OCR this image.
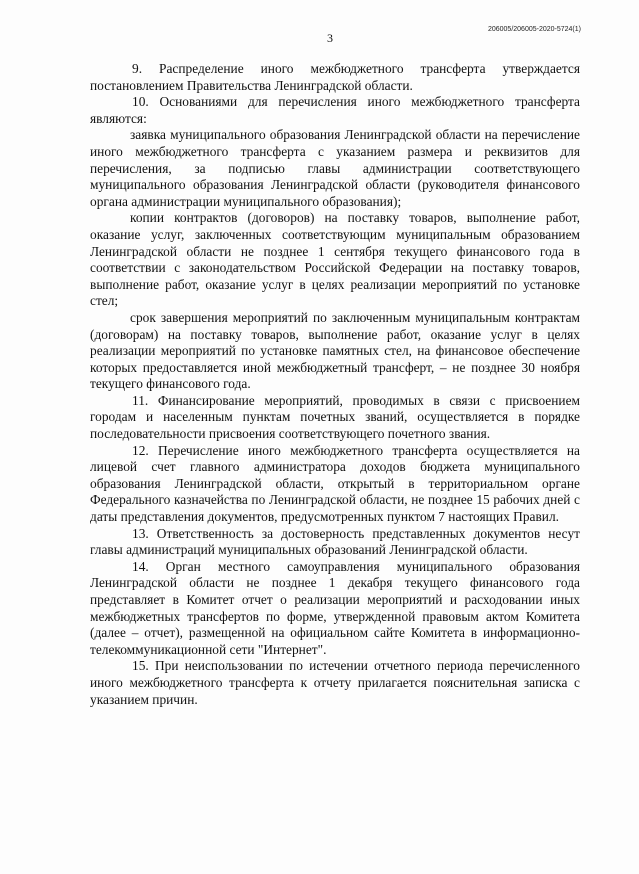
3
206005/206005-2020-5724(1)

9. Распределение иного межбюджетного трансферта утверждается постановлением Правительства Ленинградской области.

10. Основаниями для перечисления иного межбюджетного трансферта являются:

заявка муниципального образования Ленинградской области на перечисление иного межбюджетного трансферта с указанием размера и реквизитов для перечисления, за подписью главы администрации соответствующего муниципального образования Ленинградской области (руководителя финансового органа администрации муниципального образования);

копии контрактов (договоров) на поставку товаров, выполнение работ, оказание услуг, заключенных соответствующим муниципальным образованием Ленинградской области не позднее 1 сентября текущего финансового года в соответствии с законодательством Российской Федерации на поставку товаров, выполнение работ, оказание услуг в целях реализации мероприятий по установке стел;

срок завершения мероприятий по заключенным муниципальным контрактам (договорам) на поставку товаров, выполнение работ, оказание услуг в целях реализации мероприятий по установке памятных стел, на финансовое обеспечение которых предоставляется иной межбюджетный трансферт, – не позднее 30 ноября текущего финансового года.

11. Финансирование мероприятий, проводимых в связи с присвоением городам и населенным пунктам почетных званий, осуществляется в порядке последовательности присвоения соответствующего почетного звания.

12. Перечисление иного межбюджетного трансферта осуществляется на лицевой счет главного администратора доходов бюджета муниципального образования Ленинградской области, открытый в территориальном органе Федерального казначейства по Ленинградской области, не позднее 15 рабочих дней с даты представления документов, предусмотренных пунктом 7 настоящих Правил.

13. Ответственность за достоверность представленных документов несут главы администраций муниципальных образований Ленинградской области.

14. Орган местного самоуправления муниципального образования Ленинградской области не позднее 1 декабря текущего финансового года представляет в Комитет отчет о реализации мероприятий и расходовании иных межбюджетных трансфертов по форме, утвержденной правовым актом Комитета (далее – отчет), размещенной на официальном сайте Комитета в информационно-телекоммуникационной сети "Интернет".

15. При неиспользовании по истечении отчетного периода перечисленного иного межбюджетного трансферта к отчету прилагается пояснительная записка с указанием причин.
